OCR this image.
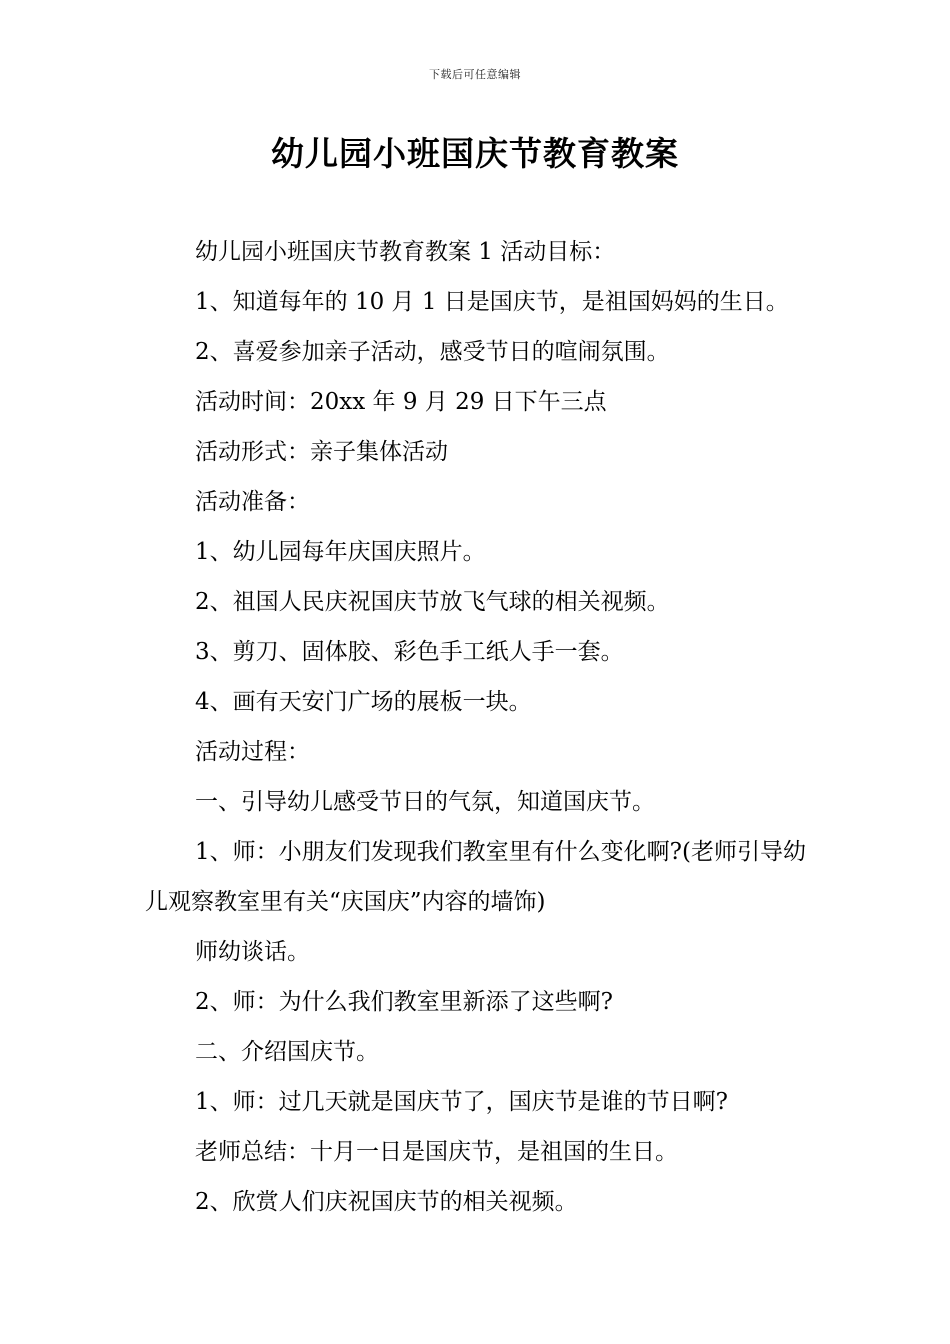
下载后可任意编辑
幼儿园小班国庆节教育教案

幼儿园小班国庆节教育教案 1 活动目标：

1、知道每年的 10 月 1 日是国庆节，是祖国妈妈的生日。

2、喜爱参加亲子活动，感受节日的喧闹氛围。

活动时间：20xx 年 9 月 29 日下午三点

活动形式：亲子集体活动

活动准备：

1、幼儿园每年庆国庆照片。

2、祖国人民庆祝国庆节放飞气球的相关视频。

3、剪刀、固体胶、彩色手工纸人手一套。

4、画有天安门广场的展板一块。

活动过程：

一、引导幼儿感受节日的气氛，知道国庆节。

1、师：小朋友们发现我们教室里有什么变化啊?(老师引导幼儿观察教室里有关“庆国庆”内容的墙饰)

师幼谈话。

2、师：为什么我们教室里新添了这些啊?

二、介绍国庆节。

1、师：过几天就是国庆节了，国庆节是谁的节日啊?

老师总结：十月一日是国庆节，是祖国的生日。

2、欣赏人们庆祝国庆节的相关视频。
